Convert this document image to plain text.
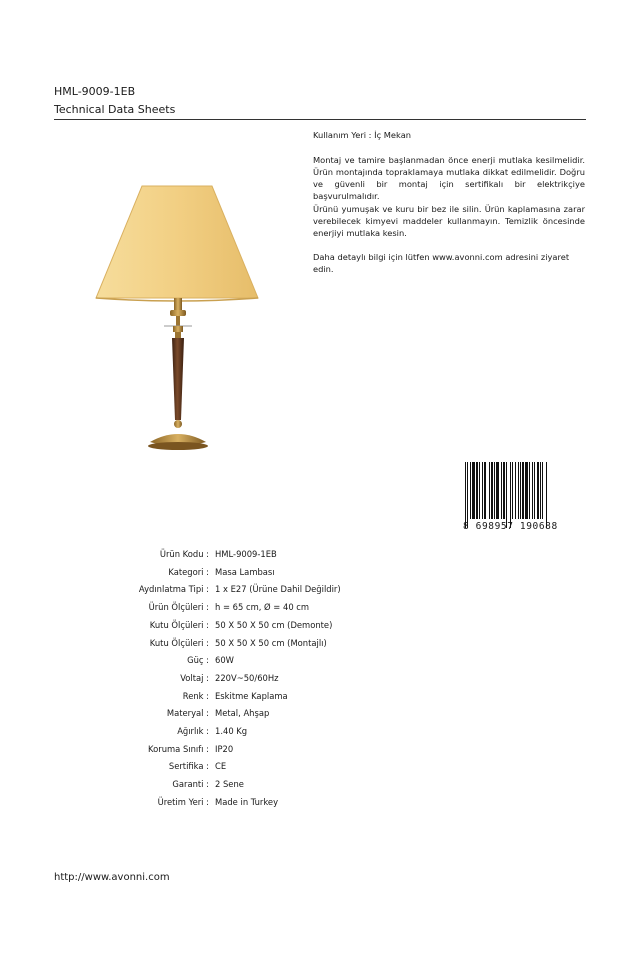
HML-9009-1EB
Technical Data Sheets
Kullanım Yeri : İç Mekan
Montaj ve tamire başlanmadan önce enerji mutlaka kesilmelidir. Ürün montajında topraklamaya mutlaka dikkat edilmelidir. Doğru ve güvenli bir montaj için sertifikalı bir elektrikçiye başvurulmalıdır.
Ürünü yumuşak ve kuru bir bez ile silin. Ürün kaplamasına zarar verebilecek kimyevi maddeler kullanmayın. Temizlik öncesinde enerjiyi mutlaka kesin.
Daha detaylı bilgi için lütfen www.avonni.com adresini ziyaret edin.
8 698957 190688
Ürün Kodu : HML-9009-1EB
Kategori : Masa Lambası
Aydınlatma Tipi : 1 x E27 (Ürüne Dahil Değildir)
Ürün Ölçüleri : h = 65 cm, Ø = 40 cm
Kutu Ölçüleri : 50 X 50 X 50 cm (Demonte)
Kutu Ölçüleri : 50 X 50 X 50 cm (Montajlı)
Güç : 60W
Voltaj : 220V~50/60Hz
Renk : Eskitme Kaplama
Materyal : Metal, Ahşap
Ağırlık : 1.40 Kg
Koruma Sınıfı : IP20
Sertifika : CE
Garanti : 2 Sene
Üretim Yeri : Made in Turkey
http://www.avonni.com
